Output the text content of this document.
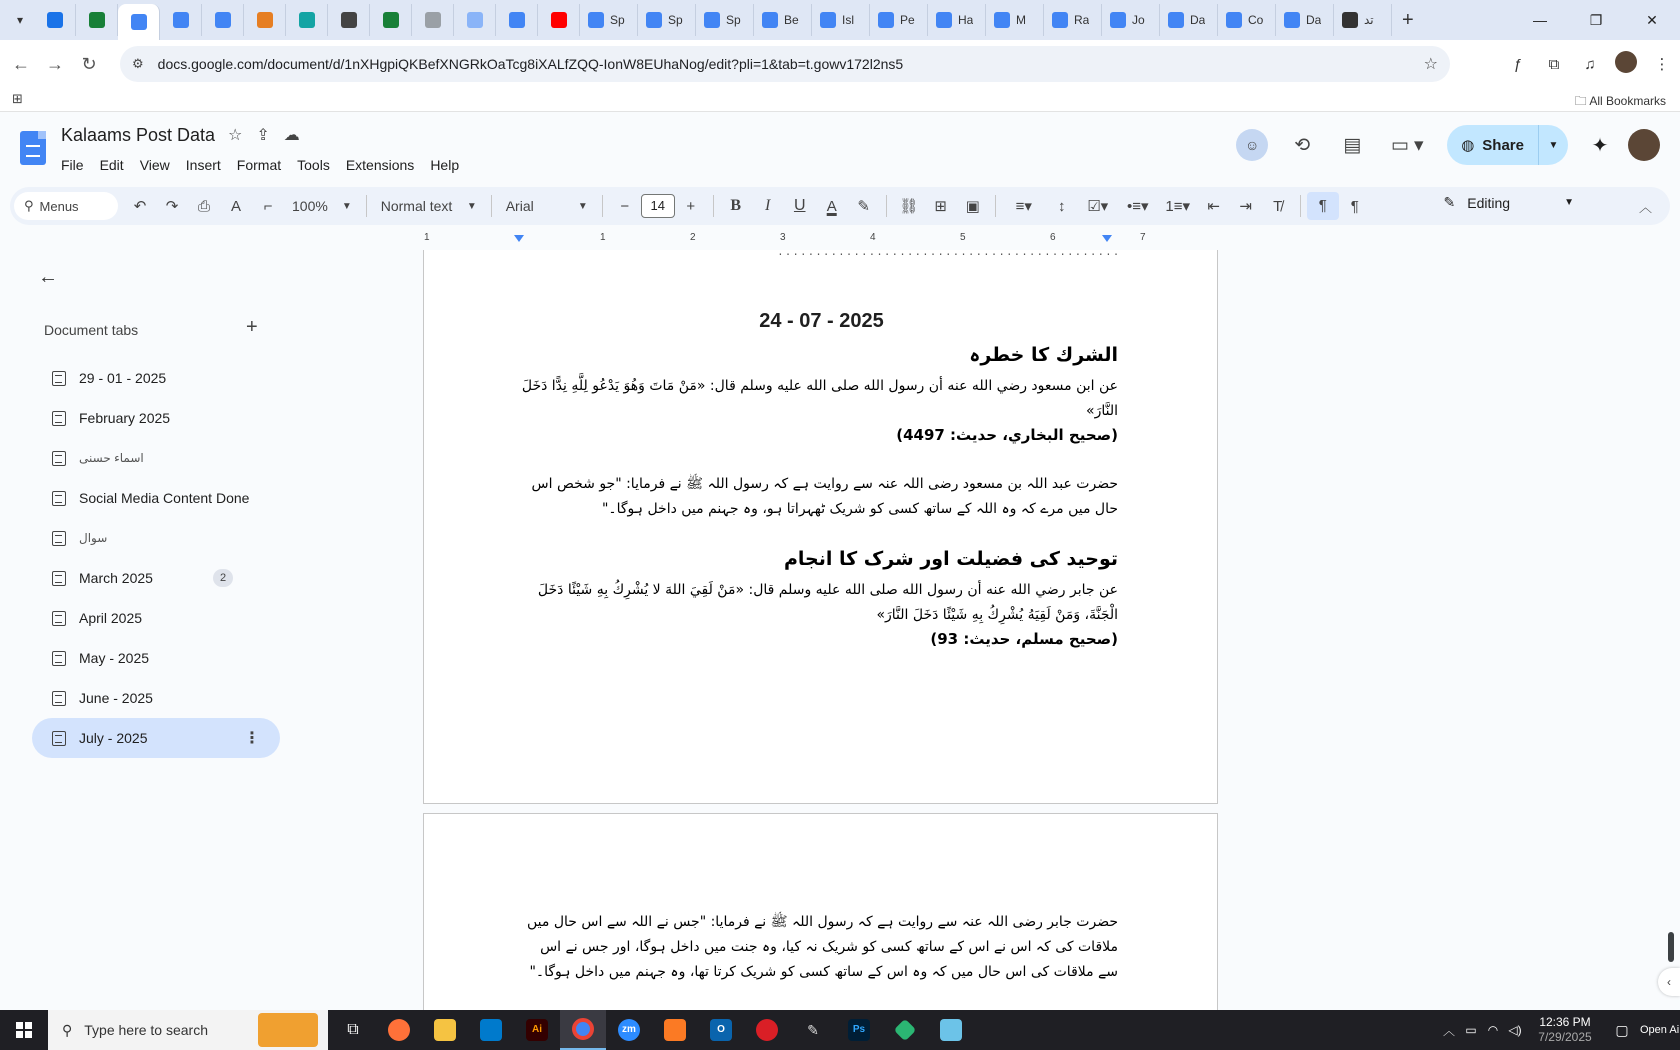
▾	Sp	Sp	Sp	Be	Isl	Pe	Ha	M	Ra	Jo	Da	Co	Da	تد +	—	❐	✕
← → ↻	⚙ docs.google.com/document/d/1nXHgpiQKBefXNGRkOaTcg8iXALfZQQ-IonW8EUhaNog/edit?pli=1&tab=t.gowv172l2ns5	☆	ƒ	⧉	♫	⋮
⊞	🗀 All Bookmarks
Kalaams Post Data ☆ ⇪ ☁
File Edit View Insert Format Tools Extensions Help
☺	⟲	▤	▭ ▾	◍ Share	▼	✦
⚲ Menus	↶	↷	⎙	A	⌐	100% ▼ Normal text ▼ Arial	▼	−	14	+	B	I	U	A	✎	⛓	⊞	▣	≡▾	↕	☑▾	•≡▾	1≡▾	⇤	⇥	T̸	¶	¶	✎ Editing	▼	︿
1	1	2	3	4	5	6	7
←
Document tabs	+
29 - 01 - 2025
February 2025
اسماء حسنی
Social Media Content Done
سوال
March 2025	2
April 2025
May - 2025
June - 2025
July - 2025	⋮
. . . . . . . . . . . . . . . . . . . . . . . . . . . . . . . . . . . . . . . . . . . . .
24 - 07 - 2025
الشرك کا خطرہ
عن ابن مسعود رضي الله عنه أن رسول الله صلى الله عليه وسلم قال: «مَنْ مَاتَ وَهُوَ يَدْعُو لِلَّهِ نِدًّا دَخَلَ النَّارَ»
(صحيح البخاري، حديث: 4497)
حضرت عبد اللہ بن مسعود رضی اللہ عنہ سے روایت ہے کہ رسول اللہ ﷺ نے فرمایا: "جو شخص اس حال میں مرے کہ وہ اللہ کے ساتھ کسی کو شریک ٹھہراتا ہو، وہ جہنم میں داخل ہوگا۔"
توحید کی فضیلت اور شرک کا انجام
عن جابر رضي الله عنه أن رسول الله صلى الله عليه وسلم قال: «مَنْ لَقِيَ اللهَ لا يُشْرِكُ بِهِ شَيْئًا دَخَلَ الْجَنَّةَ، وَمَنْ لَقِيَهُ يُشْرِكُ بِهِ شَيْئًا دَخَلَ النَّارَ»
(صحيح مسلم، حديث: 93)
حضرت جابر رضی اللہ عنہ سے روایت ہے کہ رسول اللہ ﷺ نے فرمایا: "جس نے اللہ سے اس حال میں ملاقات کی کہ اس نے اس کے ساتھ کسی کو شریک نہ کیا، وہ جنت میں داخل ہوگا، اور جس نے اس سے ملاقات کی اس حال میں کہ وہ اس کے ساتھ کسی کو شریک کرتا تھا، وہ جہنم میں داخل ہوگا۔"
‹
⚲ Type here to search	⧉	Ai	zm	O	✎	Ps	︿ ▭ ◠ ◁)
12:36 PM
7/29/2025	▢	Open Ai
